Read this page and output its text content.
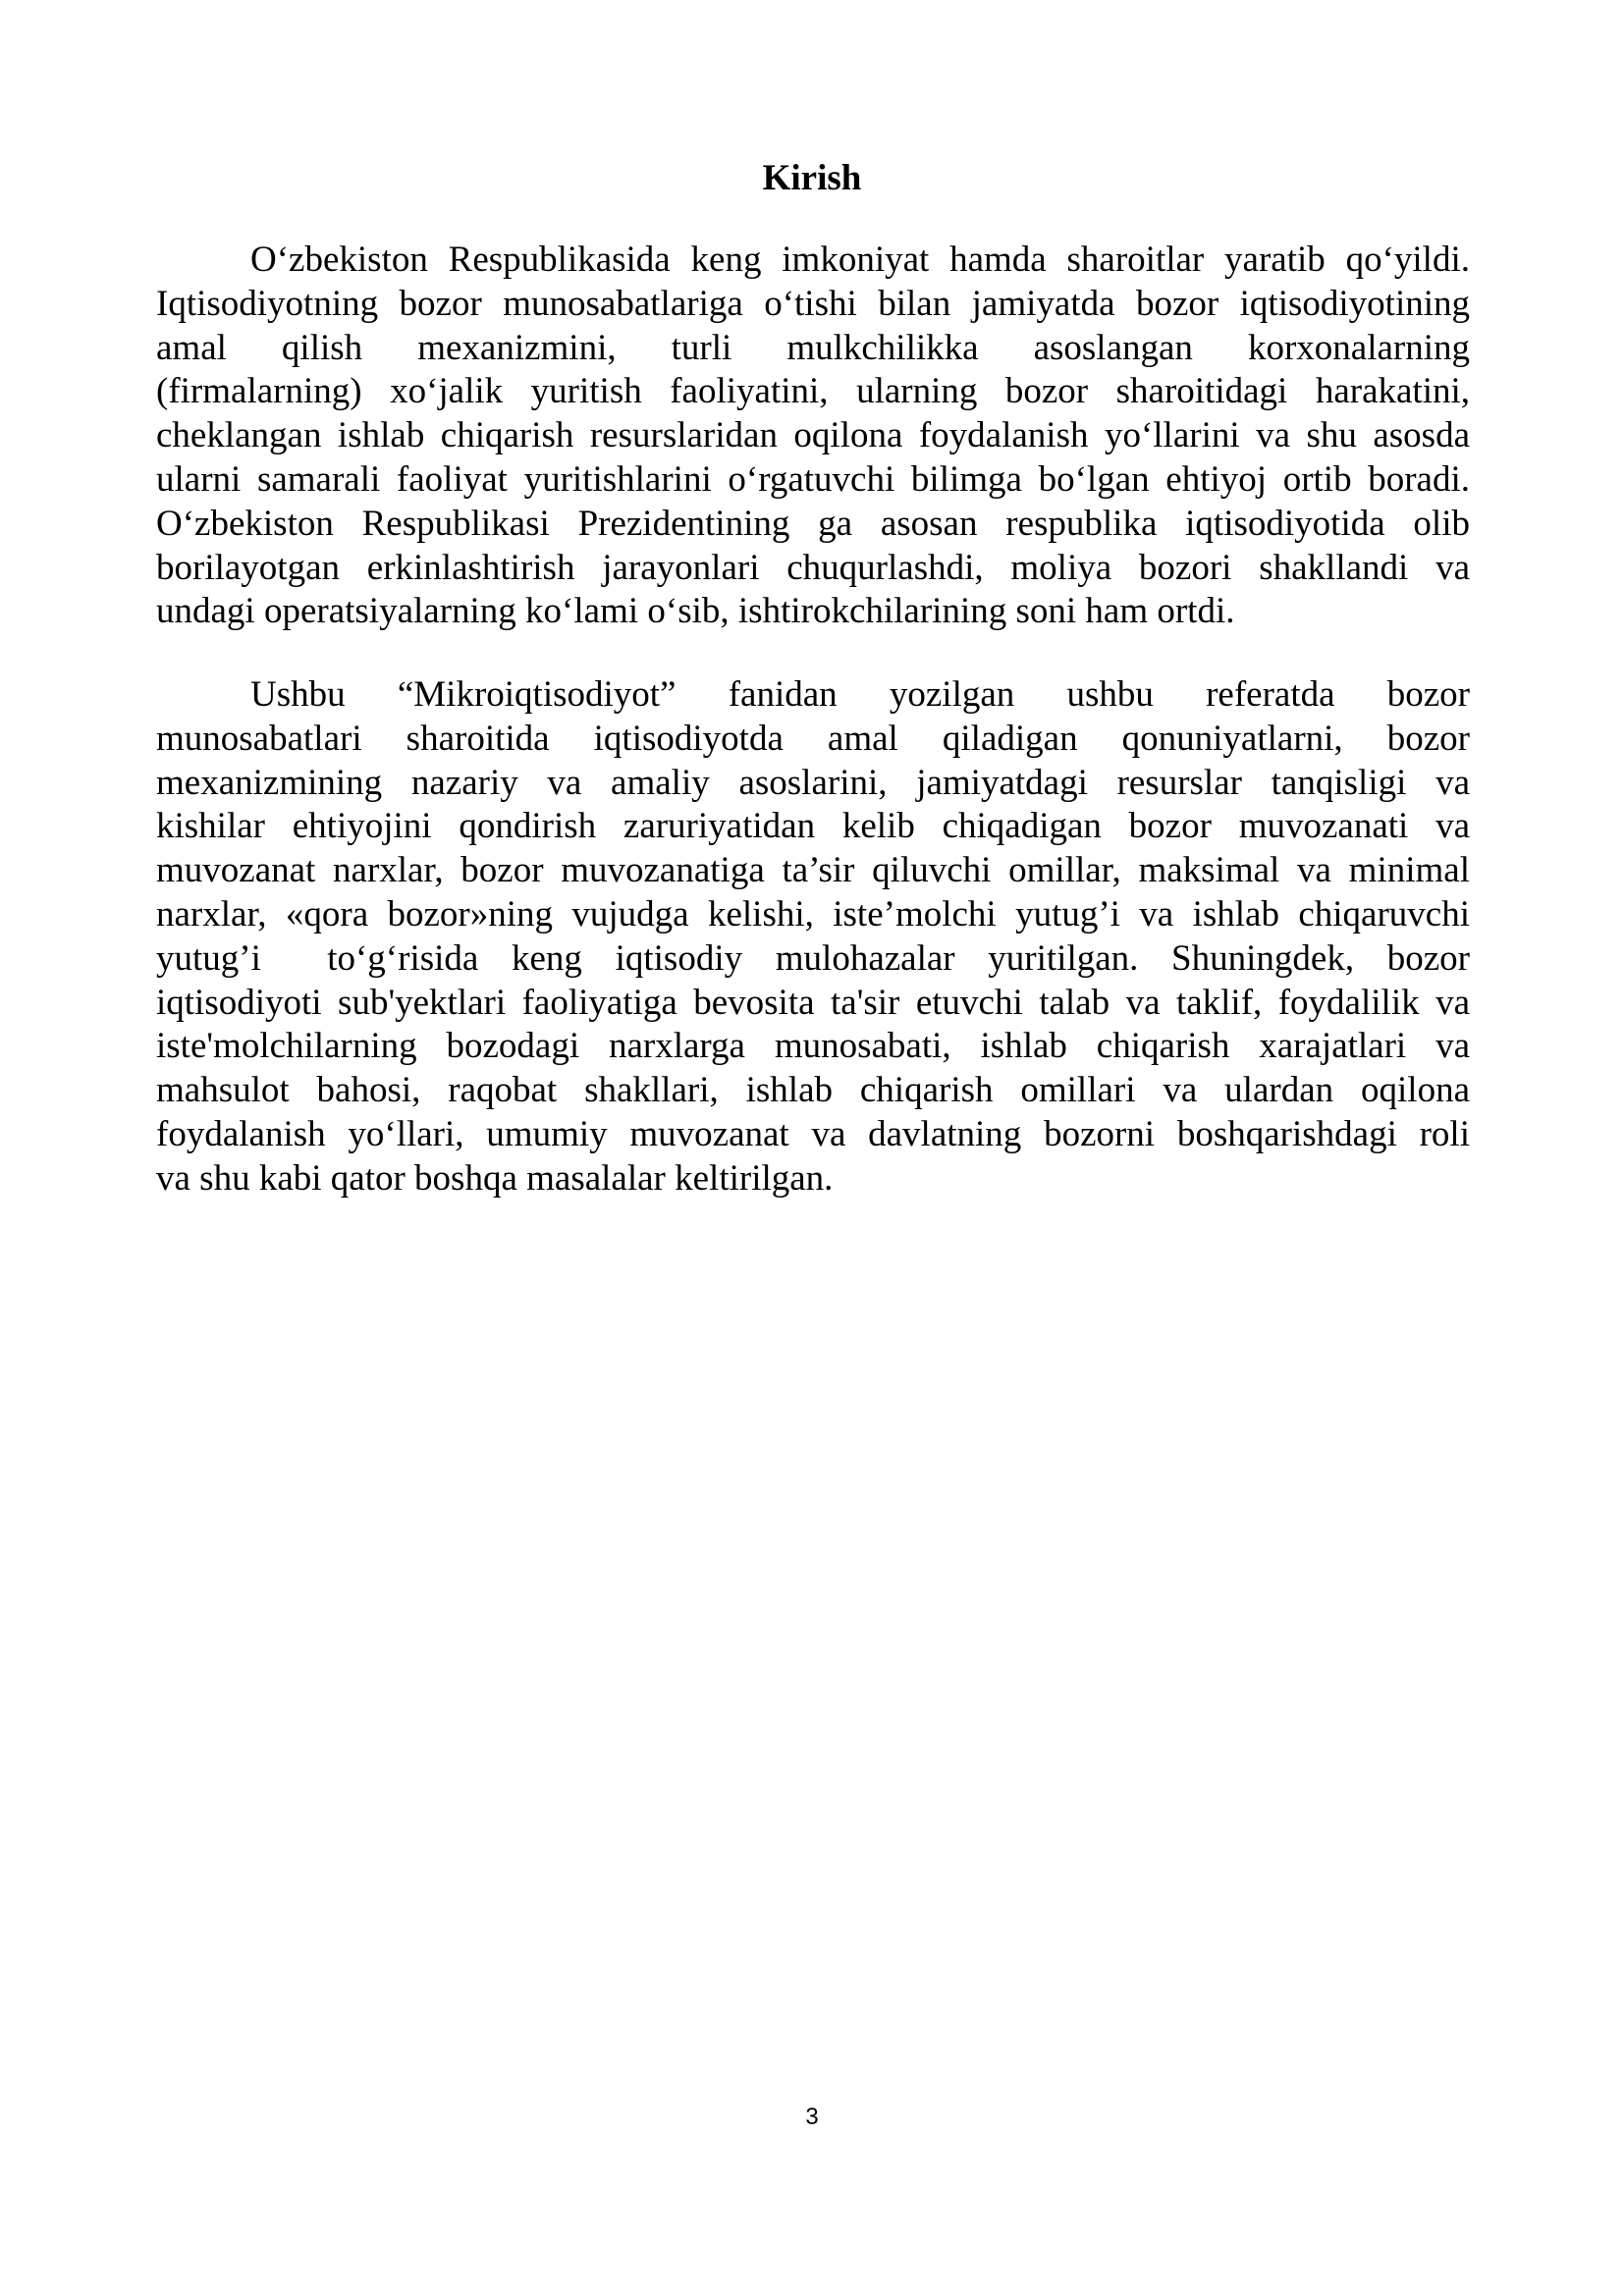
Kirish
O‘zbekiston Respublikasida keng imkoniyat hamda sharoitlar yaratib qo‘yildi.
Iqtisodiyotning bozor munosabatlariga o‘tishi bilan jamiyatda bozor iqtisodiyotining
amal qilish mexanizmini, turli mulkchilikka asoslangan korxonalarning
(firmalarning) xo‘jalik yuritish faoliyatini, ularning bozor sharoitidagi harakatini,
cheklangan ishlab chiqarish resurslaridan oqilona foydalanish yo‘llarini va shu asosda
ularni samarali faoliyat yuritishlarini o‘rgatuvchi bilimga bo‘lgan ehtiyoj ortib boradi.
O‘zbekiston Respublikasi Prezidentining ga asosan respublika iqtisodiyotida olib
borilayotgan erkinlashtirish jarayonlari chuqurlashdi, moliya bozori shakllandi va
undagi operatsiyalarning ko‘lami o‘sib, ishtirokchilarining soni ham ortdi.
Ushbu “Mikroiqtisodiyot” fanidan yozilgan ushbu referatda bozor
munosabatlari sharoitida iqtisodiyotda amal qiladigan qonuniyatlarni, bozor
mexanizmining nazariy va amaliy asoslarini, jamiyatdagi resurslar tanqisligi va
kishilar ehtiyojini qondirish zaruriyatidan kelib chiqadigan bozor muvozanati va
muvozanat narxlar, bozor muvozanatiga ta’sir qiluvchi omillar, maksimal va minimal
narxlar, «qora bozor»ning vujudga kelishi, iste’molchi yutug’i va ishlab chiqaruvchi
yutug’i  to‘g‘risida keng iqtisodiy mulohazalar yuritilgan. Shuningdek, bozor
iqtisodiyoti sub'yektlari faoliyatiga bevosita ta'sir etuvchi talab va taklif, foydalilik va
iste'molchilarning bozodagi narxlarga munosabati, ishlab chiqarish xarajatlari va
mahsulot bahosi, raqobat shakllari, ishlab chiqarish omillari va ulardan oqilona
foydalanish yo‘llari, umumiy muvozanat va davlatning bozorni boshqarishdagi roli
va shu kabi qator boshqa masalalar keltirilgan.
3
